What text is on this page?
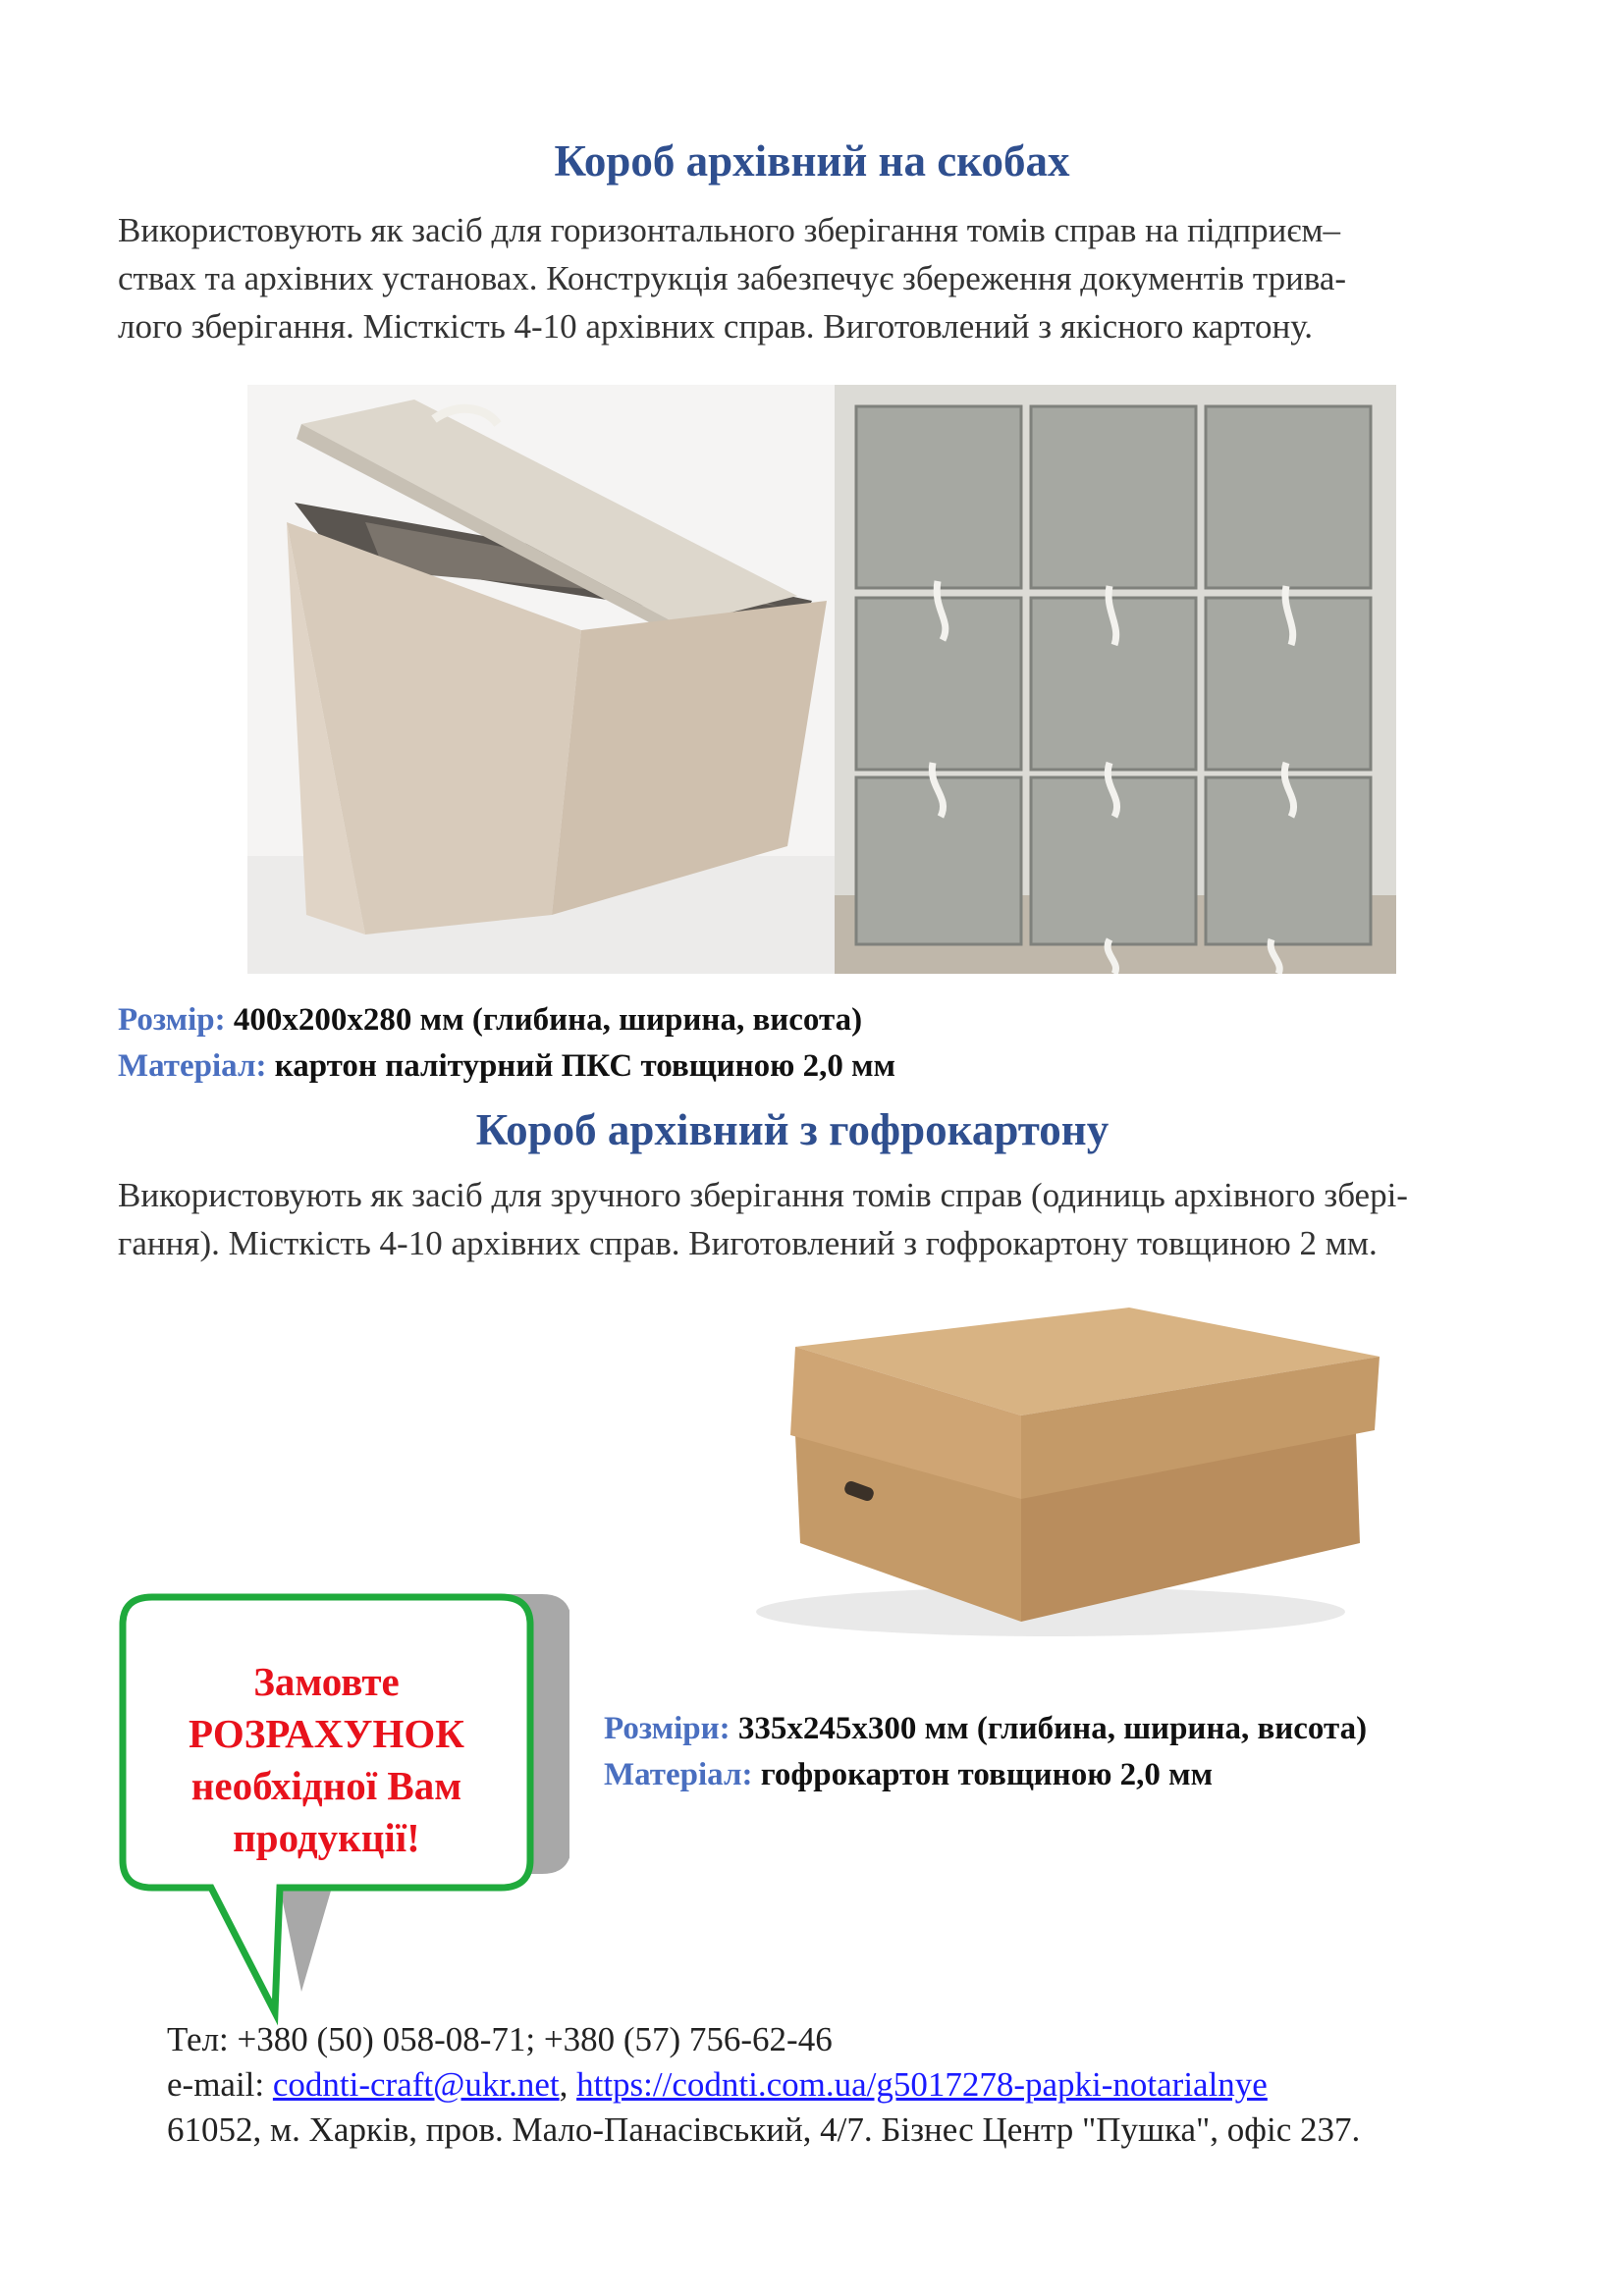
Короб архівний на скобах
Використовують як засіб для горизонтального зберігання томів справ на підприєм–
ствах та архівних установах. Конструкція забезпечує збереження документів трива-
лого зберігання. Місткість 4-10 архівних справ. Виготовлений з якісного картону.
Розмір: 400х200х280 мм (глибина, ширина, висота)
Матеріал: картон палітурний ПКС товщиною 2,0 мм
Короб архівний з гофрокартону
Використовують як засіб для зручного зберігання томів справ (одиниць архівного збері-
гання). Місткість 4-10 архівних справ. Виготовлений з гофрокартону товщиною 2 мм.
Замовте
РОЗРАХУНОК
необхідної Вам
продукції!
Розміри: 335х245х300 мм (глибина, ширина, висота)
Матеріал: гофрокартон товщиною 2,0 мм
Тел: +380 (50) 058-08-71; +380 (57) 756-62-46
e-mail: codnti-craft@ukr.net, https://codnti.com.ua/g5017278-papki-notarialnye
61052, м. Харків, пров. Мало-Панасівський, 4/7. Бізнес Центр "Пушка", офіс 237.
